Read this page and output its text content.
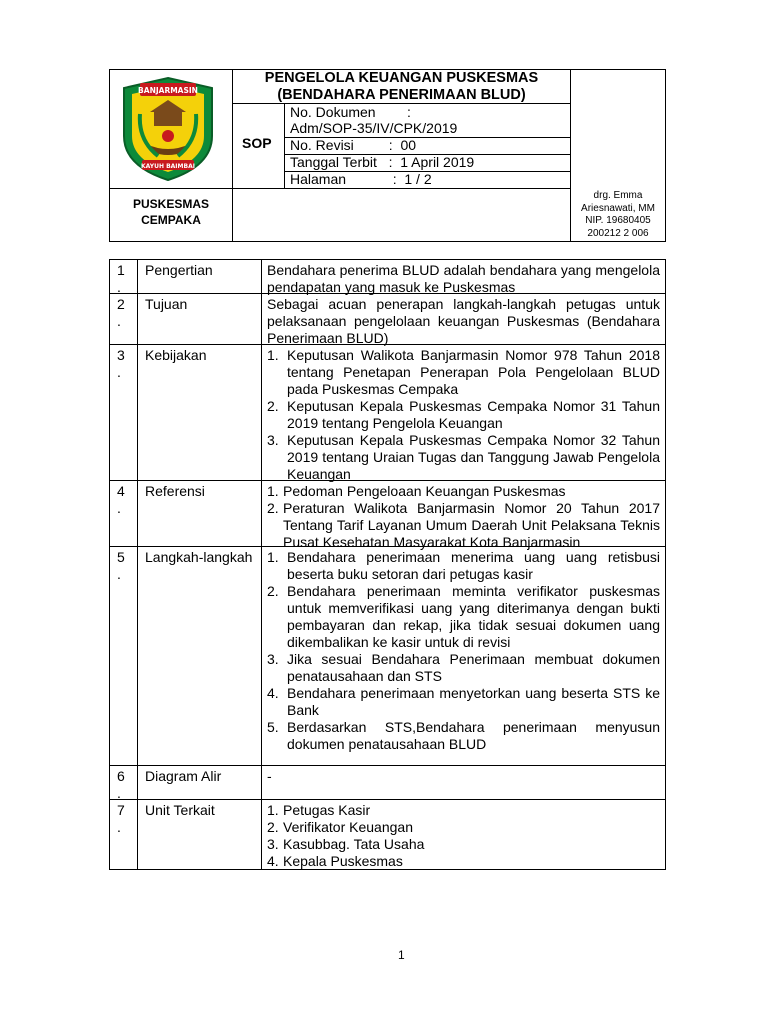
BANJARMASIN
KAYUH BAIMBAI
PENGELOLA KEUANGAN PUSKESMAS
(BENDAHARA PENERIMAAN BLUD)
SOP
No. Dokumen :
Adm/SOP-35/IV/CPK/2019
No. Revisi         :  00
Tanggal Terbit   :  1 April 2019
Halaman            :  1 / 2
PUSKESMAS
CEMPAKA
drg. Emma
Ariesnawati, MM
NIP. 19680405
200212 2 006
1
.
Pengertian	Bendahara penerima BLUD adalah bendahara yang mengelola pendapatan yang masuk ke Puskesmas
2
.
Tujuan	Sebagai acuan penerapan langkah-langkah petugas untuk pelaksanaan pengelolaan keuangan Puskesmas (Bendahara Penerimaan BLUD)
3
.
Kebijakan	1. Keputusan Walikota Banjarmasin Nomor 978 Tahun 2018 tentang Penetapan Penerapan Pola Pengelolaan BLUD pada Puskesmas Cempaka
2. Keputusan Kepala Puskesmas Cempaka Nomor 31 Tahun 2019 tentang Pengelola Keuangan
3. Keputusan Kepala Puskesmas Cempaka Nomor 32 Tahun 2019 tentang Uraian Tugas dan Tanggung Jawab Pengelola Keuangan
4
.
Referensi	1. Pedoman Pengeloaan Keuangan Puskesmas
2. Peraturan Walikota Banjarmasin Nomor 20 Tahun 2017 Tentang Tarif Layanan Umum Daerah Unit Pelaksana Teknis Pusat Kesehatan Masyarakat Kota Banjarmasin
5
.
Langkah-langkah 1. Bendahara penerimaan menerima uang uang retisbusi beserta buku setoran dari petugas kasir
2. Bendahara penerimaan meminta verifikator puskesmas untuk memverifikasi uang yang diterimanya dengan bukti pembayaran dan rekap, jika tidak sesuai dokumen uang dikembalikan ke kasir untuk di revisi
3. Jika sesuai Bendahara Penerimaan membuat dokumen penatausahaan dan STS
4. Bendahara penerimaan menyetorkan uang beserta STS ke Bank
5. Berdasarkan STS,Bendahara penerimaan menyusun dokumen penatausahaan BLUD
6
.
Diagram Alir	-
7
.
Unit Terkait	1. Petugas Kasir
2. Verifikator Keuangan
3. Kasubbag. Tata Usaha
4. Kepala Puskesmas
1
